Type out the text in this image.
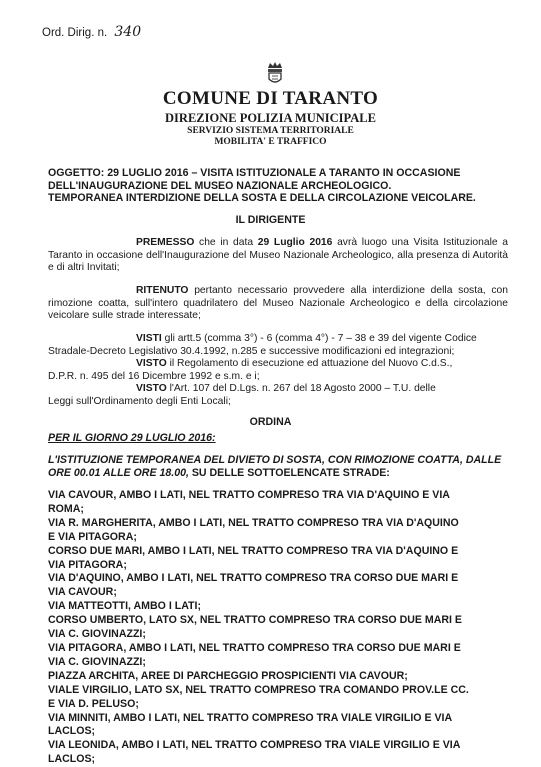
Ord. Dirig. n. 340
COMUNE DI TARANTO
DIREZIONE POLIZIA MUNICIPALE
SERVIZIO SISTEMA TERRITORIALE
MOBILITA' E TRAFFICO
OGGETTO: 29 LUGLIO 2016 – VISITA ISTITUZIONALE A TARANTO IN OCCASIONE
DELL'INAUGURAZIONE DEL MUSEO NAZIONALE ARCHEOLOGICO.
TEMPORANEA INTERDIZIONE DELLA SOSTA E DELLA CIRCOLAZIONE VEICOLARE.
IL DIRIGENTE
PREMESSO che in data 29 Luglio 2016 avrà luogo una Visita Istituzionale a Taranto in occasione dell'Inaugurazione del Museo Nazionale Archeologico, alla presenza di Autorità e di altri Invitati;
RITENUTO pertanto necessario provvedere alla interdizione della sosta, con rimozione coatta, sull'intero quadrilatero del Museo Nazionale Archeologico e della circolazione veicolare sulle strade interessate;
VISTI gli artt.5 (comma 3°) - 6 (comma 4°) - 7 – 38 e 39 del vigente Codice
Stradale-Decreto Legislativo 30.4.1992, n.285 e successive modificazioni ed integrazioni;
VISTO il Regolamento di esecuzione ed attuazione del Nuovo C.d.S.,
D.P.R. n. 495 del 16 Dicembre 1992 e s.m. e i;
VISTO l'Art. 107 del D.Lgs. n. 267 del 18 Agosto 2000 – T.U. delle
Leggi sull'Ordinamento degli Enti Locali;
ORDINA
PER IL GIORNO 29 LUGLIO 2016:
L'ISTITUZIONE TEMPORANEA DEL DIVIETO DI SOSTA, CON RIMOZIONE COATTA, DALLE ORE 00.01 ALLE ORE 18.00, SU DELLE SOTTOELENCATE STRADE:
VIA CAVOUR, AMBO I LATI, NEL TRATTO COMPRESO TRA VIA D'AQUINO E VIA
ROMA;
VIA R. MARGHERITA, AMBO I LATI, NEL TRATTO COMPRESO TRA VIA D'AQUINO
E VIA PITAGORA;
CORSO DUE MARI, AMBO I LATI, NEL TRATTO COMPRESO TRA VIA D'AQUINO E
VIA PITAGORA;
VIA D'AQUINO, AMBO I LATI, NEL TRATTO COMPRESO TRA CORSO DUE MARI E
VIA CAVOUR;
VIA MATTEOTTI, AMBO I LATI;
CORSO UMBERTO, LATO SX, NEL TRATTO COMPRESO TRA CORSO DUE MARI E
VIA C. GIOVINAZZI;
VIA PITAGORA, AMBO I LATI, NEL TRATTO COMPRESO TRA CORSO DUE MARI E
VIA C. GIOVINAZZI;
PIAZZA ARCHITA, AREE DI PARCHEGGIO PROSPICIENTI VIA CAVOUR;
VIALE VIRGILIO, LATO SX, NEL TRATTO COMPRESO TRA COMANDO PROV.LE CC.
E VIA D. PELUSO;
VIA MINNITI, AMBO I LATI, NEL TRATTO COMPRESO TRA VIALE VIRGILIO E VIA
LACLOS;
VIA LEONIDA, AMBO I LATI, NEL TRATTO COMPRESO TRA VIALE VIRGILIO E VIA
LACLOS;
